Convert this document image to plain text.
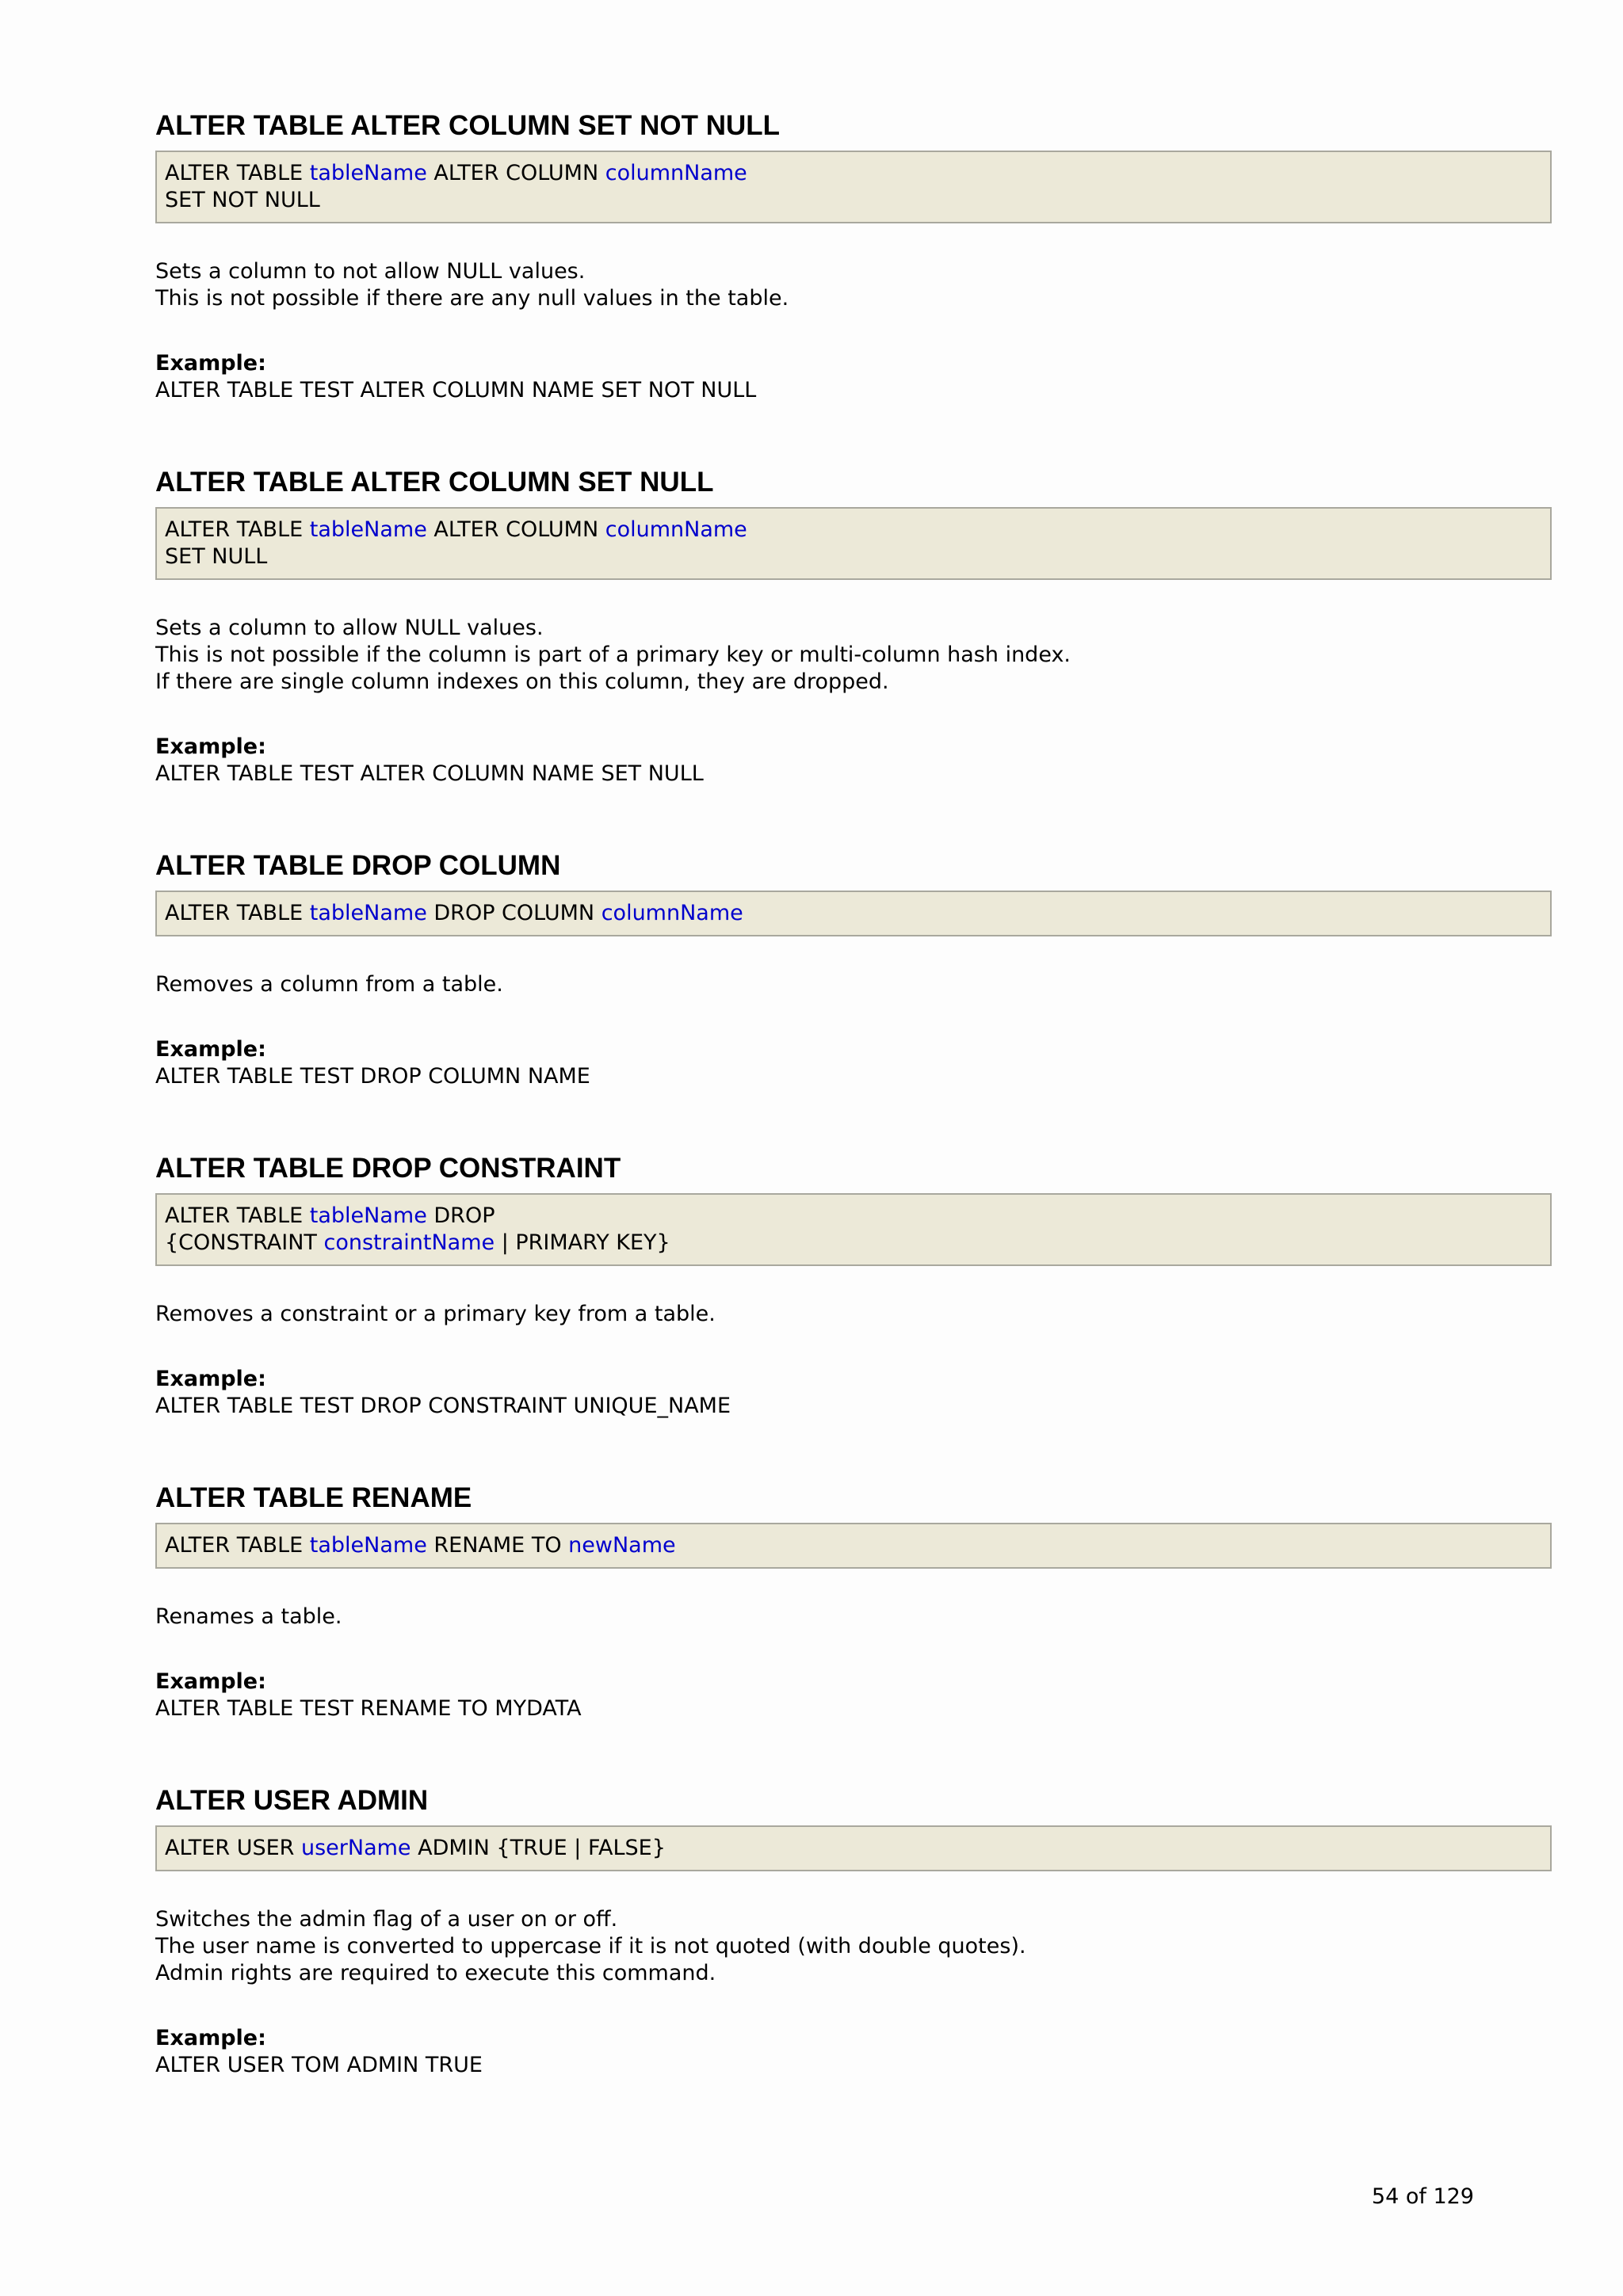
ALTER TABLE ALTER COLUMN SET NOT NULL
ALTER TABLE tableName ALTER COLUMN columnName
SET NOT NULL
Sets a column to not allow NULL values.
This is not possible if there are any null values in the table.
Example:
ALTER TABLE TEST ALTER COLUMN NAME SET NOT NULL
ALTER TABLE ALTER COLUMN SET NULL
ALTER TABLE tableName ALTER COLUMN columnName
SET NULL
Sets a column to allow NULL values.
This is not possible if the column is part of a primary key or multi-column hash index.
If there are single column indexes on this column, they are dropped.
Example:
ALTER TABLE TEST ALTER COLUMN NAME SET NULL
ALTER TABLE DROP COLUMN
ALTER TABLE tableName DROP COLUMN columnName
Removes a column from a table.
Example:
ALTER TABLE TEST DROP COLUMN NAME
ALTER TABLE DROP CONSTRAINT
ALTER TABLE tableName DROP
{CONSTRAINT constraintName | PRIMARY KEY}
Removes a constraint or a primary key from a table.
Example:
ALTER TABLE TEST DROP CONSTRAINT UNIQUE_NAME
ALTER TABLE RENAME
ALTER TABLE tableName RENAME TO newName
Renames a table.
Example:
ALTER TABLE TEST RENAME TO MYDATA
ALTER USER ADMIN
ALTER USER userName ADMIN {TRUE | FALSE}
Switches the admin flag of a user on or off.
The user name is converted to uppercase if it is not quoted (with double quotes).
Admin rights are required to execute this command.
Example:
ALTER USER TOM ADMIN TRUE
54 of 129
